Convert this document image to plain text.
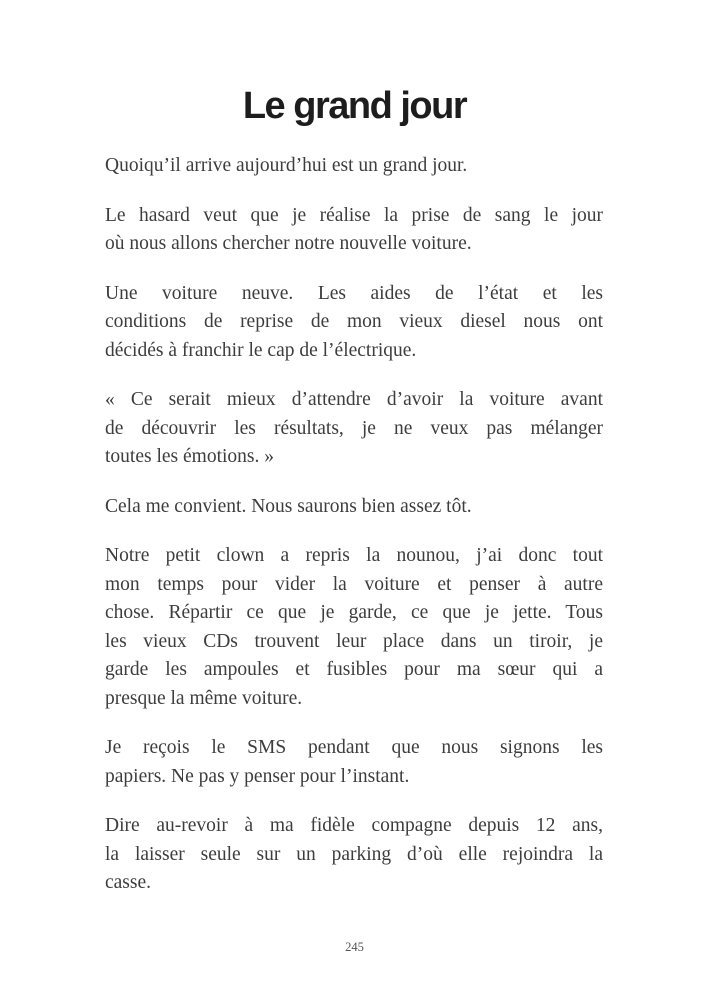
Le grand jour

Quoiqu’il arrive aujourd’hui est un grand jour.

Le hasard veut que je réalise la prise de sang le jour
où nous allons chercher notre nouvelle voiture.

Une voiture neuve. Les aides de l’état et les
conditions de reprise de mon vieux diesel nous ont
décidés à franchir le cap de l’électrique.

« Ce serait mieux d’attendre d’avoir la voiture avant
de découvrir les résultats, je ne veux pas mélanger
toutes les émotions. »

Cela me convient. Nous saurons bien assez tôt.

Notre petit clown a repris la nounou, j’ai donc tout
mon temps pour vider la voiture et penser à autre
chose. Répartir ce que je garde, ce que je jette. Tous
les vieux CDs trouvent leur place dans un tiroir, je
garde les ampoules et fusibles pour ma sœur qui a
presque la même voiture.

Je reçois le SMS pendant que nous signons les
papiers. Ne pas y penser pour l’instant.

Dire au-revoir à ma fidèle compagne depuis 12 ans,
la laisser seule sur un parking d’où elle rejoindra la
casse.

245
